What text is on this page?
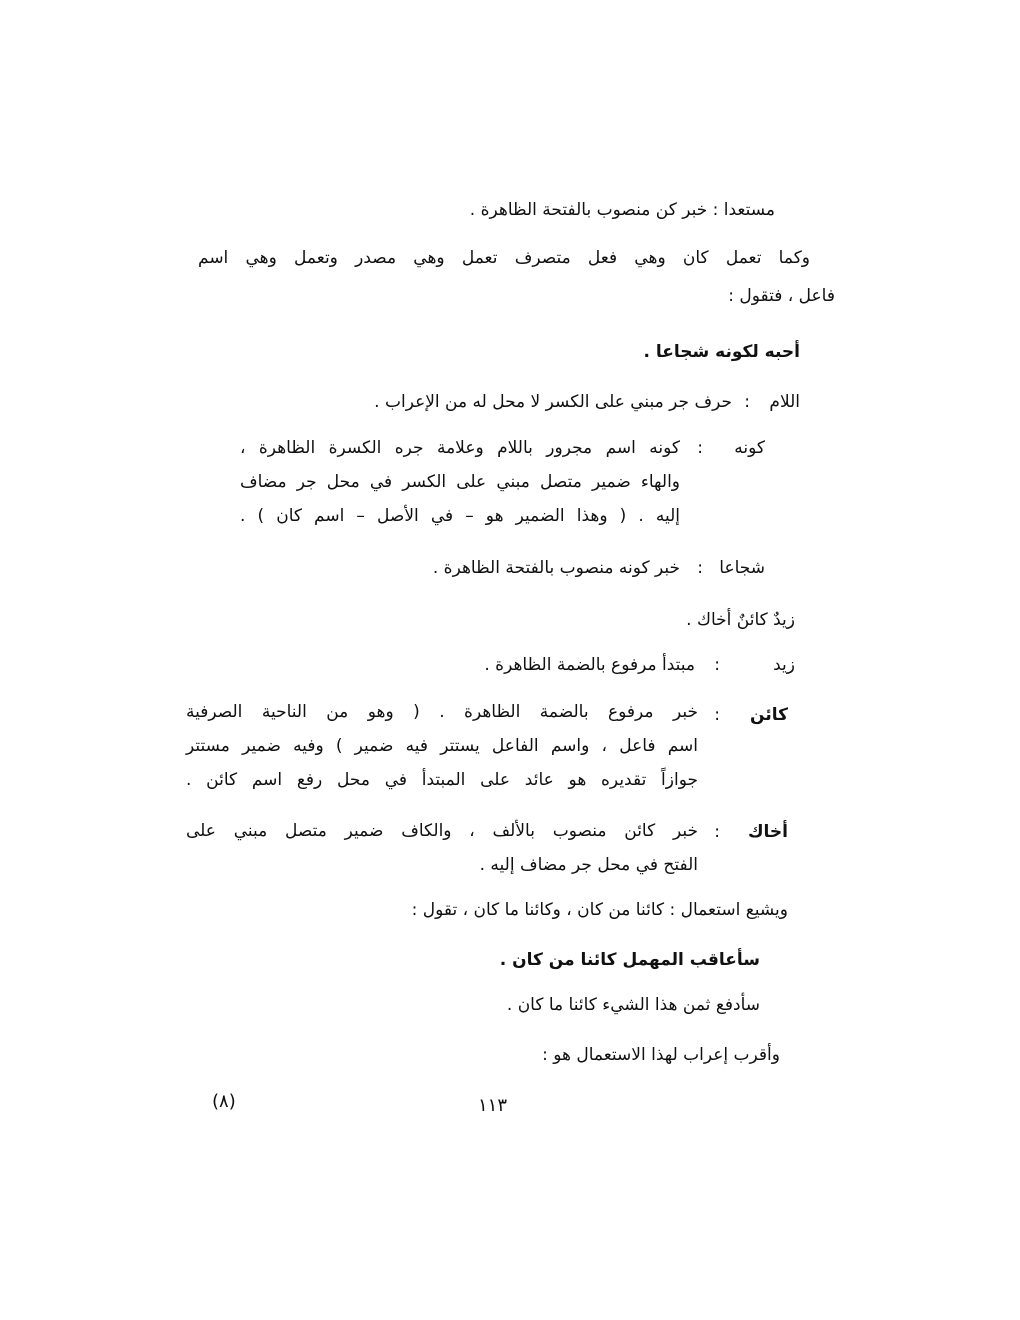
مستعدا : خبر كن منصوب بالفتحة الظاهرة .
وكما تعمل كان وهي فعل متصرف تعمل وهي مصدر وتعمل وهي اسم
فاعل ، فتقول :
أحبه لكونه شجاعا .
اللام
:
حرف جر مبني على الكسر لا محل له من الإعراب .
كونه
:
كونه اسم مجرور باللام وعلامة جره الكسرة الظاهرة ،
والهاء ضمير متصل مبني على الكسر في محل جر مضاف
إليه . ( وهذا الضمير هو – في الأصل – اسم كان ) .
شجاعا
:
خبر كونه منصوب بالفتحة الظاهرة .
زيدٌ كائنٌ أخاك .
زيد
:
مبتدأ مرفوع بالضمة الظاهرة .
كائن
:
خبر مرفوع بالضمة الظاهرة . ( وهو من الناحية الصرفية
اسم فاعل ، واسم الفاعل يستتر فيه ضمير ) وفيه ضمير مستتر
جوازاً تقديره هو عائد على المبتدأ في محل رفع اسم كائن .
أخاك
:
خبر كائن منصوب بالألف ، والكاف ضمير متصل مبني على
الفتح في محل جر مضاف إليه .
ويشيع استعمال : كائنا من كان ، وكائنا ما كان ، تقول :
سأعاقب المهمل كائنا من كان .
سأدفع ثمن هذا الشيء كائنا ما كان .
وأقرب إعراب لهذا الاستعمال هو :
(٨)	١١٣
